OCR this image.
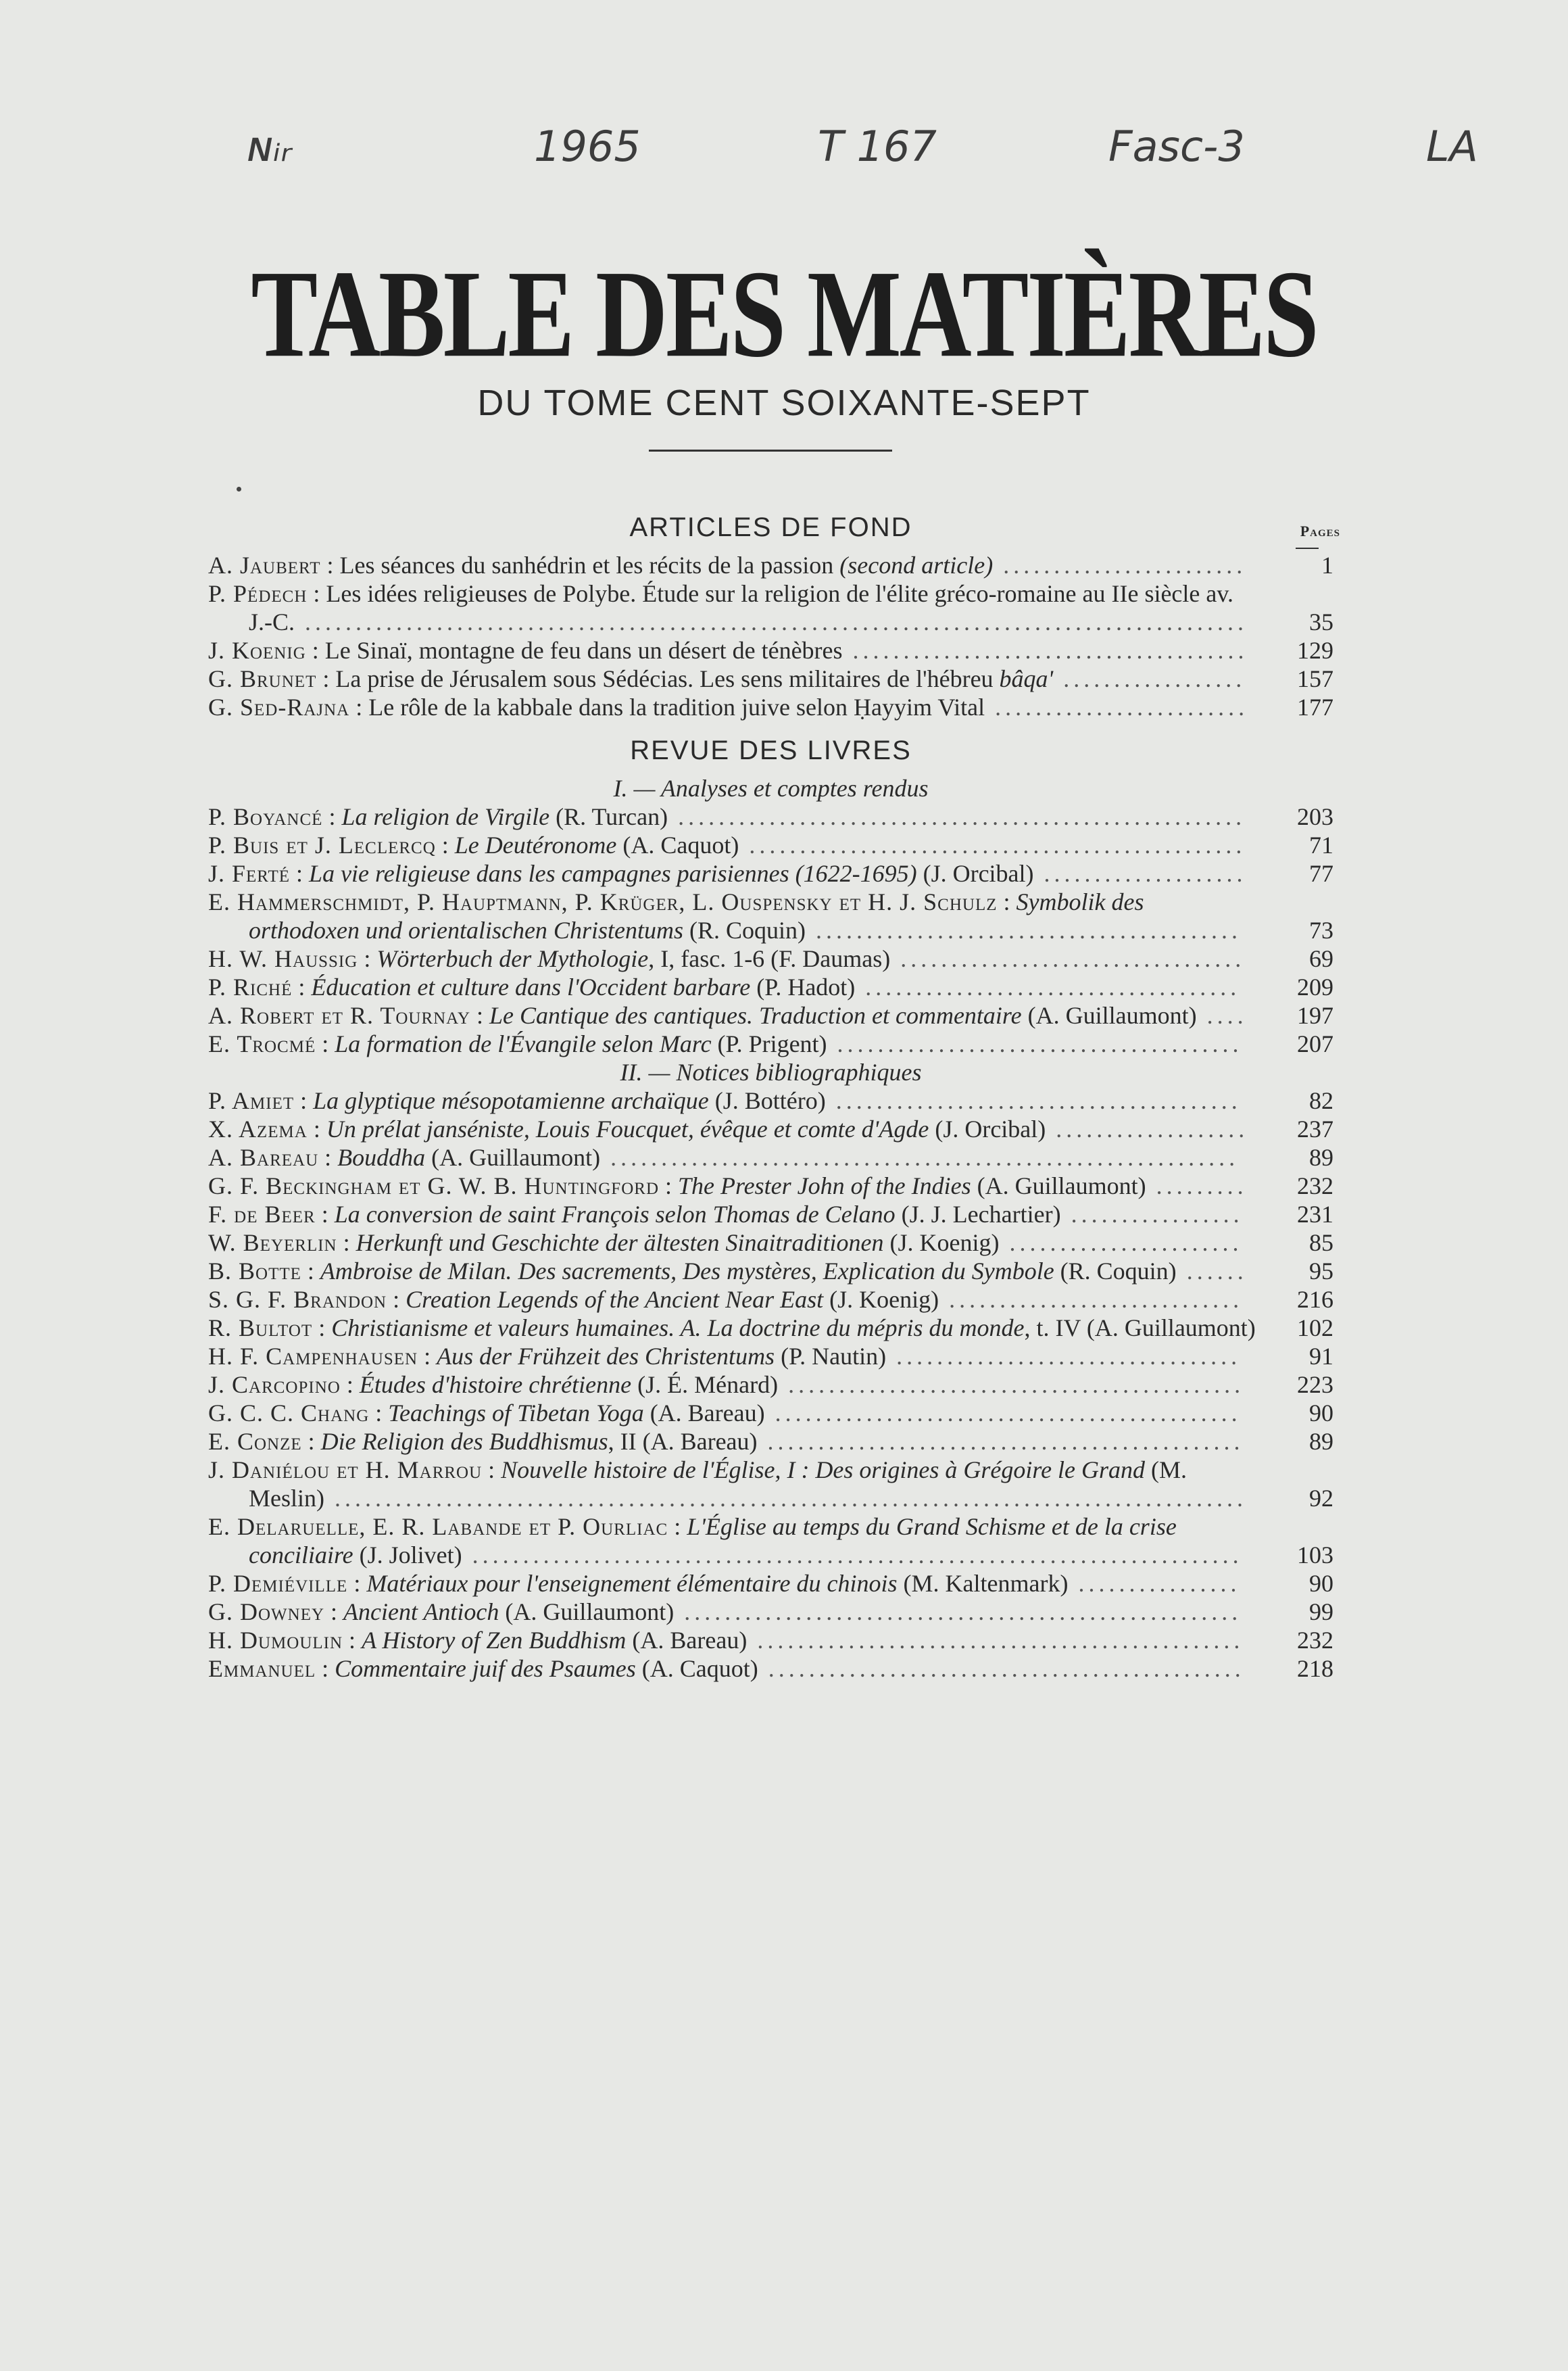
ɴᵢᵣ	1965	T 167	Fasc-3	LA
TABLE DES MATIÈRES
DU TOME CENT SOIXANTE-SEPT
Pages
ARTICLES DE FOND
A. Jaubert : Les séances du sanhédrin et les récits de la passion (second article) ........................	1
P. Pédech : Les idées religieuses de Polybe. Étude sur la religion de l'élite gréco-romaine au IIe siècle av. J.-C. .............................................................................................	35
J. Koenig : Le Sinaï, montagne de feu dans un désert de ténèbres .......................................	129
G. Brunet : La prise de Jérusalem sous Sédécias. Les sens militaires de l'hébreu bâqa' ..................	157
G. Sed-Rajna : Le rôle de la kabbale dans la tradition juive selon Ḥayyim Vital .........................	177
REVUE DES LIVRES
I. — Analyses et comptes rendus
P. Boyancé : La religion de Virgile (R. Turcan) ........................................................	203
P. Buis et J. Leclercq : Le Deutéronome (A. Caquot) .................................................	71
J. Ferté : La vie religieuse dans les campagnes parisiennes (1622-1695) (J. Orcibal) ....................	77
E. Hammerschmidt, P. Hauptmann, P. Krüger, L. Ouspensky et H. J. Schulz : Symbolik des orthodoxen und orientalischen Christentums (R. Coquin) ..........................................	73
H. W. Haussig : Wörterbuch der Mythologie, I, fasc. 1-6 (F. Daumas) ..................................	69
P. Riché : Éducation et culture dans l'Occident barbare (P. Hadot) .....................................	209
A. Robert et R. Tournay : Le Cantique des cantiques. Traduction et commentaire (A. Guillaumont) ....	197
E. Trocmé : La formation de l'Évangile selon Marc (P. Prigent) ........................................	207
II. — Notices bibliographiques
P. Amiet : La glyptique mésopotamienne archaïque (J. Bottéro) ........................................	82
X. Azema : Un prélat janséniste, Louis Foucquet, évêque et comte d'Agde (J. Orcibal) ...................	237
A. Bareau : Bouddha (A. Guillaumont) ..............................................................	89
G. F. Beckingham et G. W. B. Huntingford : The Prester John of the Indies (A. Guillaumont) .........	232
F. de Beer : La conversion de saint François selon Thomas de Celano (J. J. Lechartier) .................	231
W. Beyerlin : Herkunft und Geschichte der ältesten Sinaitraditionen (J. Koenig) .......................	85
B. Botte : Ambroise de Milan. Des sacrements, Des mystères, Explication du Symbole (R. Coquin) ......	95
S. G. F. Brandon : Creation Legends of the Ancient Near East (J. Koenig) .............................	216
R. Bultot : Christianisme et valeurs humaines. A. La doctrine du mépris du monde, t. IV (A. Guillaumont)	102
H. F. Campenhausen : Aus der Frühzeit des Christentums (P. Nautin) ..................................	91
J. Carcopino : Études d'histoire chrétienne (J. É. Ménard) .............................................	223
G. C. C. Chang : Teachings of Tibetan Yoga (A. Bareau) ..............................................	90
E. Conze : Die Religion des Buddhismus, II (A. Bareau) ...............................................	89
J. Daniélou et H. Marrou : Nouvelle histoire de l'Église, I : Des origines à Grégoire le Grand (M. Meslin) ..........................................................................................	92
E. Delaruelle, E. R. Labande et P. Ourliac : L'Église au temps du Grand Schisme et de la crise conciliaire (J. Jolivet) ............................................................................	103
P. Demiéville : Matériaux pour l'enseignement élémentaire du chinois (M. Kaltenmark) ................	90
G. Downey : Ancient Antioch (A. Guillaumont) .......................................................	99
H. Dumoulin : A History of Zen Buddhism (A. Bareau) ................................................	232
Emmanuel : Commentaire juif des Psaumes (A. Caquot) ...............................................	218
